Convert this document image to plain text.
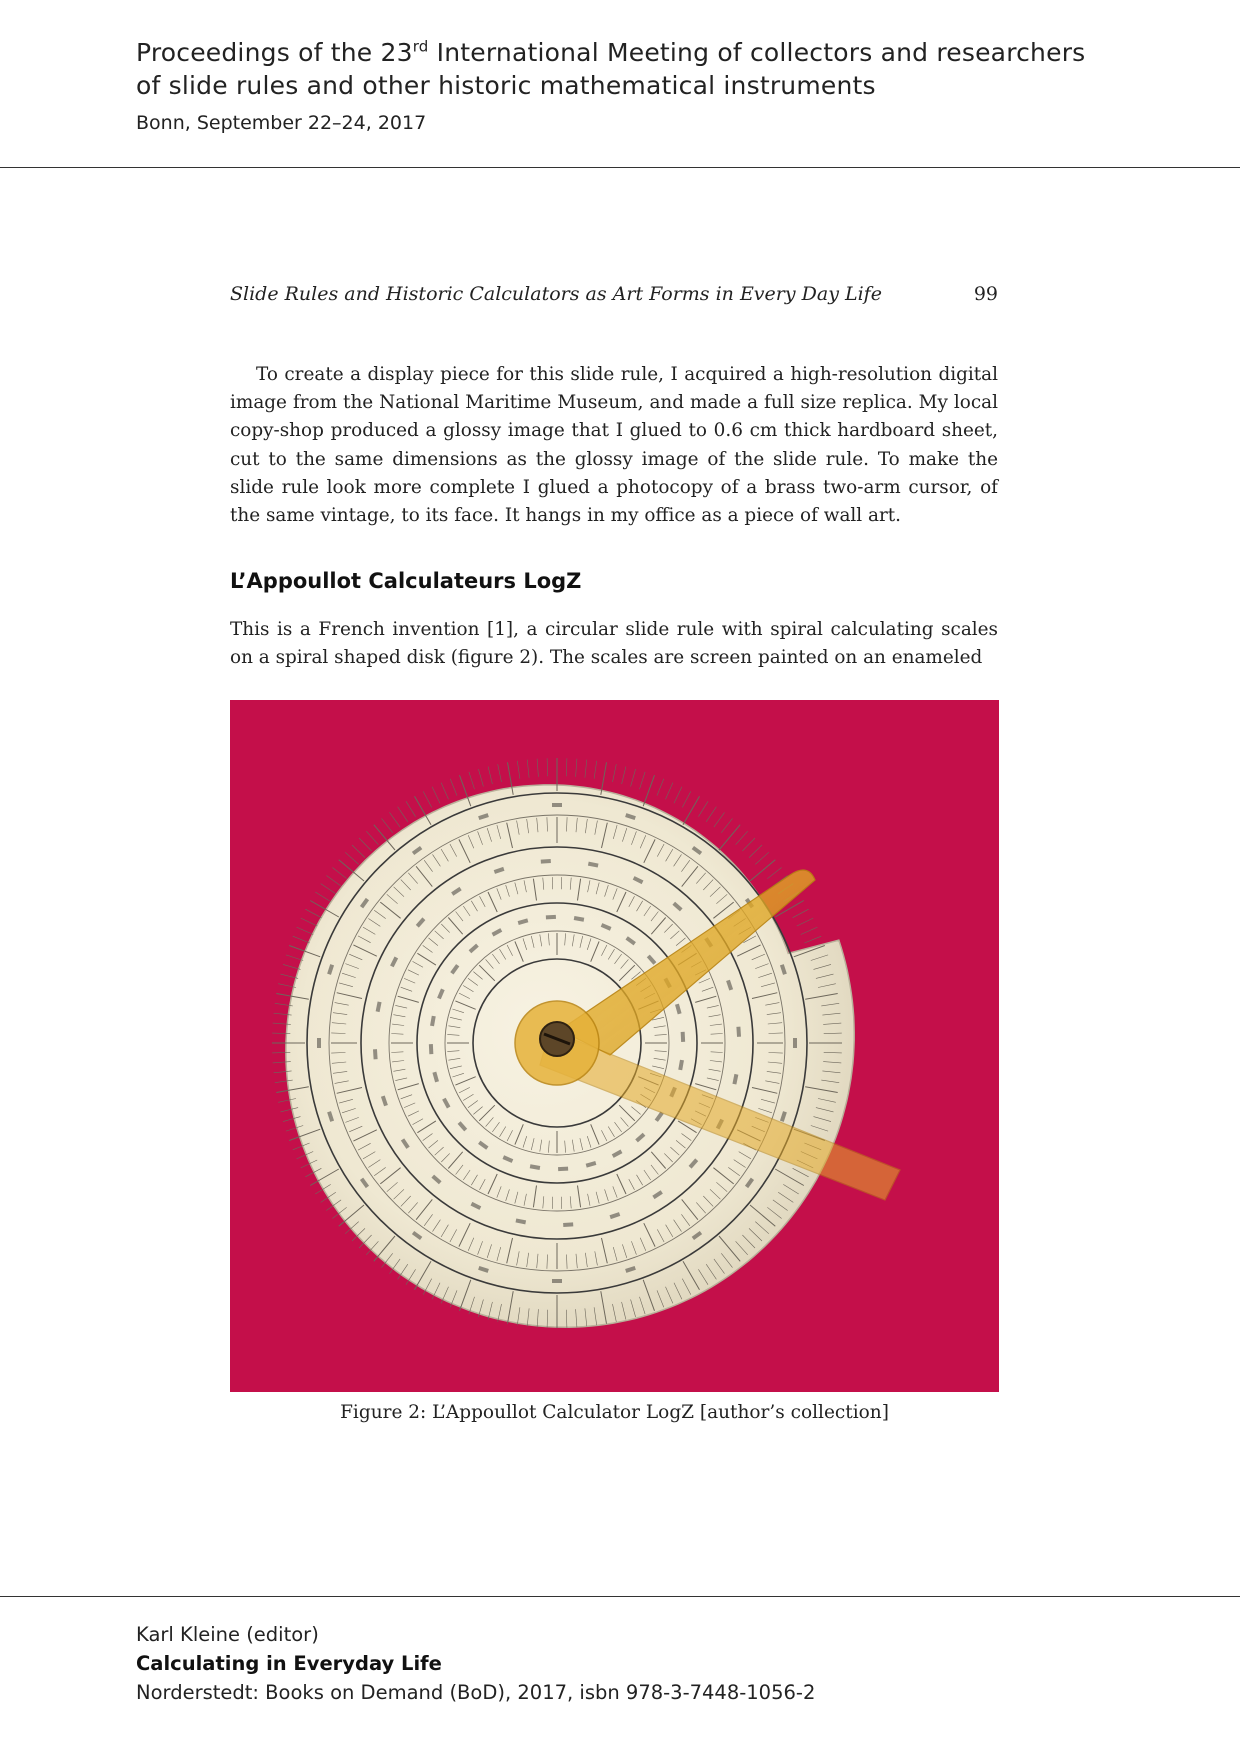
Proceedings of the 23rd International Meeting of collectors and researchers
of slide rules and other historic mathematical instruments
Bonn, September 22–24, 2017
Slide Rules and Historic Calculators as Art Forms in Every Day Life	99

To create a display piece for this slide rule, I acquired a high-resolution digital image from the National Maritime Museum, and made a full size replica. My local copy-shop produced a glossy image that I glued to 0.6 cm thick hardboard sheet, cut to the same dimensions as the glossy image of the slide rule. To make the slide rule look more complete I glued a photocopy of a brass two-arm cursor, of the same vintage, to its face. It hangs in my office as a piece of wall art.

L’Appoullot Calculateurs LogZ

This is a French invention [1], a circular slide rule with spiral calculating scales on a spiral shaped disk (figure 2). The scales are screen painted on an enameled

Figure 2: L’Appoullot Calculator LogZ [author’s collection]
Karl Kleine (editor)
Calculating in Everyday Life
Norderstedt: Books on Demand (BoD), 2017, isbn 978-3-7448-1056-2
